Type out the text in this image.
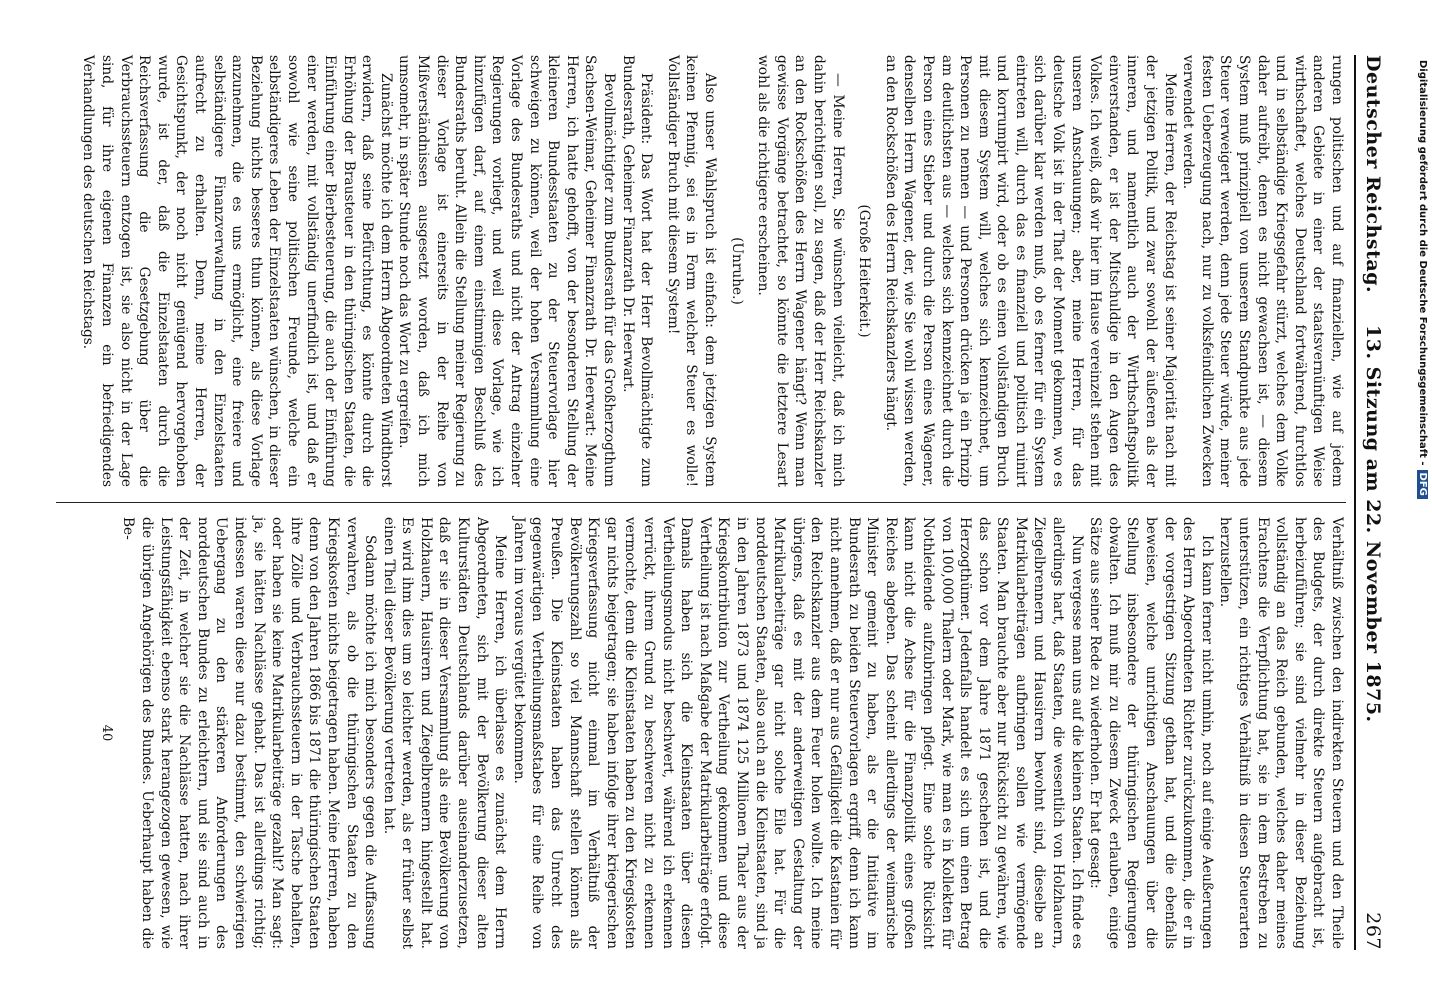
Deutscher Reichstag.
13. Sitzung am 22. November 1875.
267

rungen politischen und auf finanziellen, wie auf jedem anderen Gebiete in einer der staatsvernünftigen Weise wirthschaftet, welches Deutschland fortwährend, furchtlos und in selbständige Kriegsgefahr stürzt, welches dem Volke daher aufreibt, denen es nicht gewachsen ist, — diesem System muß prinzipiell von unserem Standpunkte aus jede Steuer verweigert werden, denn jede Steuer würde, meiner festen Ueberzeugung nach, nur zu volksfeindlichen Zwecken verwendet werden.

Meine Herren, der Reichstag ist seiner Majorität nach mit der jetzigen Politik, und zwar sowohl der äußeren als der inneren, und namentlich auch der Wirthschaftspolitik einverstanden, er ist der Mitschuldige in den Augen des Volkes. Ich weiß, daß wir hier im Hause vereinzelt stehen mit unseren Anschauungen; aber, meine Herren, für das deutsche Volk ist in der That der Moment gekommen, wo es sich darüber klar werden muß, ob es ferner für ein System eintreten will, durch das es finanziell und politisch ruinirt und korrumpirt wird, oder ob es einen vollständigen Bruch mit diesem System will, welches sich kennzeichnet, um Personen zu nennen — und Personen drücken ja ein Prinzip am deutlichsten aus — welches sich kennzeichnet durch die Person eines Stieber und durch die Person eines Wagener, denselben Herrn Wagener, der, wie Sie wohl wissen werden, an den Rockschößen des Herrn Reichskanzlers hängt.

(Große Heiterkeit.)

— Meine Herren, Sie wünschen vielleicht, daß ich mich dahin berichtigen soll, zu sagen, daß der Herr Reichskanzler an den Rockschößen des Herrn Wagener hängt? Wenn man gewisse Vorgänge betrachtet, so könnte die letztere Lesart wohl als die richtigere erscheinen.

(Unruhe.)

Also unser Wahlspruch ist einfach: dem jetzigen System keinen Pfennig, sei es in Form welcher Steuer es wolle! Vollständiger Bruch mit diesem System!

Präsident: Das Wort hat der Herr Bevollmächtigte zum Bundesrath, Geheimer Finanzrath Dr. Heerwart.

Bevollmächtigter zum Bundesrath für das Großherzogthum Sachsen-Weimar, Geheimer Finanzrath Dr. Heerwart: Meine Herren, ich hatte gehofft, von der besonderen Stellung der kleineren Bundesstaaten zu der Steuervorlage hier schweigen zu können, weil der hohen Versammlung eine Vorlage des Bundesraths und nicht der Antrag einzelner Regierungen vorliegt, und weil diese Vorlage, wie ich hinzufügen darf, auf einem einstimmigen Beschluß des Bundesraths beruht. Allein die Stellung meiner Regierung zu dieser Vorlage ist einerseits in der Reihe von Mißverständnissen ausgesetzt worden, daß ich mich umsomehr, in später Stunde noch das Wort zu ergreifen.

Zunächst möchte ich dem Herrn Abgeordneten Windthorst erwidern, daß seine Befürchtung, es könnte durch die Erhöhung der Brausteuer in den thüringischen Staaten, die Einführung einer Bierbesteuerung, die auch der Einführung einer werden, mit vollständig unerfindlich ist, und daß er sowohl wie seine politischen Freunde, welche ein selbständigeres Leben der Einzelstaaten wünschen, in dieser Beziehung nichts besseres thun können, als diese Vorlage anzunehmen, die es uns ermöglicht, eine freiere und selbständigere Finanzverwaltung in den Einzelstaaten aufrecht zu erhalten. Denn, meine Herren, der Gesichtspunkt, der noch nicht genügend hervorgehoben wurde, ist der, daß die Einzelstaaten durch die Reichsverfassung die Gesetzgebung über die Verbrauchssteuern entzogen ist, sie also nicht in der Lage sind, für ihre eigenen Finanzen ein befriedigendes Verhandlungen des deutschen Reichstags.

Verhältniß zwischen den indirekten Steuern und den Theile des Budgets, der durch direkte Steuern aufgebracht ist, herbeizuführen; sie sind vielmehr in dieser Beziehung vollständig an das Reich gebunden, welches daher meines Erachtens die Verpflichtung hat, sie in dem Bestreben zu unterstützen, ein richtiges Verhältniß in diesen Steuerarten herzustellen.

Ich kann ferner nicht umhin, noch auf einige Aeußerungen des Herrn Abgeordneten Richter zurückzukommen, die er in der vorgestrigen Sitzung gethan hat, und die ebenfalls beweisen, welche unrichtigen Anschauungen über die Stellung insbesondere der thüringischen Regierungen obwalten. Ich muß mir zu diesem Zweck erlauben, einige Sätze aus seiner Rede zu wiederholen. Er hat gesagt:

Nun vergesse man uns auf die kleinen Staaten. Ich finde es allerdings hart, daß Staaten, die wesentlich von Holzhauern, Ziegelbrennern und Hausirern bewohnt sind, dieselbe an Matrikularbeiträgen aufbringen sollen wie vermögende Staaten. Man brauchte aber nur Rücksicht zu gewähren, wie das schon vor dem Jahre 1871 geschehen ist, und die Herzogthümer. Jedenfalls handelt es sich um einen Betrag von 100,000 Thalern oder Mark, wie man es in Kollekten für Nothleidende aufzubringen pflegt. Eine solche Rücksicht kann nicht die Achse für die Finanzpolitik eines großen Reiches abgeben. Das scheint allerdings der weimarische Minister gemeint zu haben, als er die Initiative im Bundesrath zu beiden Steuervorlagen ergriff, denn ich kann nicht annehmen, daß er nur aus Gefälligkeit die Kastanien für den Reichskanzler aus dem Feuer holen wollte. Ich meine übrigens, daß es mit der anderweitigen Gestaltung der Matrikularbeiträge gar nicht solche Eile hat. Für die norddeutschen Staaten, also auch an die Kleinstaaten, sind ja in den Jahren 1873 und 1874 125 Millionen Thaler aus der Kriegskontribution zur Vertheilung gekommen und diese Vertheilung ist nach Maßgabe der Matrikularbeiträge erfolgt. Damals haben sich die Kleinstaaten über diesen Vertheilungsmodus nicht beschwert, während ich erkennen verrückt, ihrem Grund zu beschweren nicht zu erkennen vermochte, denn die Kleinstaaten haben zu den Kriegskosten gar nichts beigetragen; sie haben infolge ihrer kriegerischen Kriegsverfassung nicht einmal im Verhältniß der Bevölkerungszahl so viel Mannschaft stellen können als Preußen. Die Kleinstaaten haben das Unrecht des gegenwärtigen Vertheilungsmaßstabes für eine Reihe von Jahren im voraus vergütet bekommen.

Meine Herren, ich überlasse es zunächst dem Herrn Abgeordneten, sich mit der Bevölkerung dieser alten Kulturstädten Deutschlands darüber auseinanderzusetzen, daß er sie in dieser Versammlung als eine Bevölkerung von Holzhauern, Hausirern und Ziegelbrennern hingestellt hat. Es wird ihm dies um so leichter werden, als er früher selbst einen Theil dieser Bevölkerung vertreten hat.

Sodann möchte ich mich besonders gegen die Auffassung verwahren, als ob die thüringischen Staaten zu den Kriegskosten nichts beigetragen haben. Meine Herren, haben denn von den Jahren 1866 bis 1871 die thüringischen Staaten ihre Zölle und Verbrauchssteuern in der Tasche behalten, oder haben sie keine Matrikularbeiträge gezahlt? Man sagt: ja, sie hätten Nachlässe gehabt. Das ist allerdings richtig; indessen waren diese nur dazu bestimmt, den schwierigen Uebergang zu den stärkeren Anforderungen des norddeutschen Bundes zu erleichtern, und sie sind auch in der Zeit, in welcher sie die Nachlässe hatten, nach ihrer Leistungsfähigkeit ebenso stark herangezogen gewesen, wie die übrigen Angehörigen des Bundes. Ueberhaupt haben die Be-

40
Digitalisierung gefördert durch die Deutsche Forschungsgemeinschaft -DFG
